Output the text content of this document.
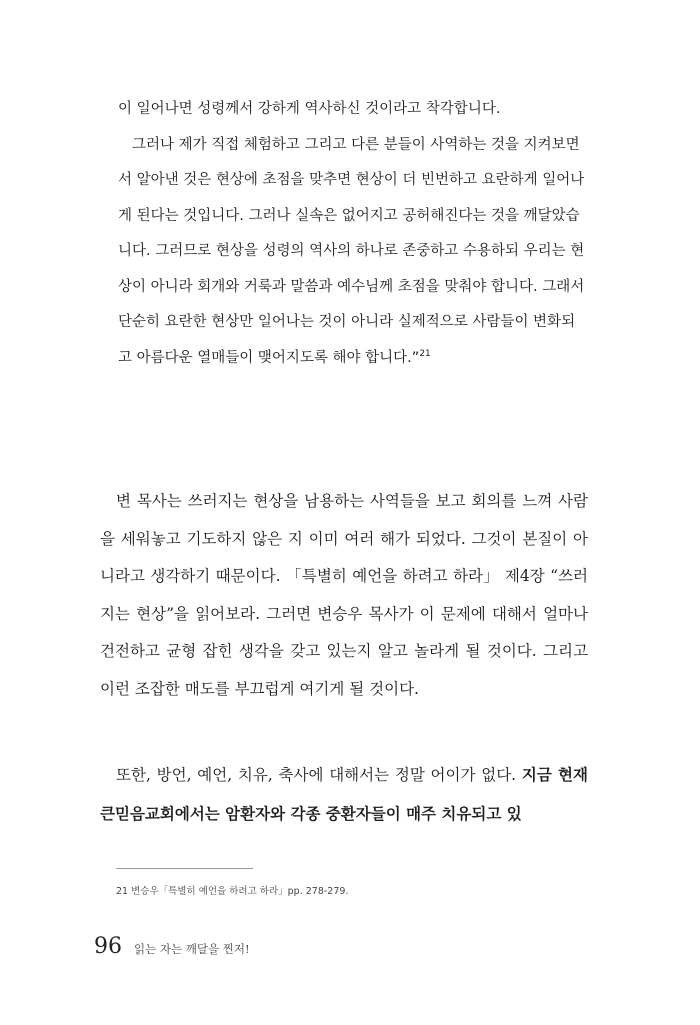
이 일어나면 성령께서 강하게 역사하신 것이라고 착각합니다.

그러나 제가 직접 체험하고 그리고 다른 분들이 사역하는 것을 지켜보면서 알아낸 것은 현상에 초점을 맞추면 현상이 더 빈번하고 요란하게 일어나게 된다는 것입니다. 그러나 실속은 없어지고 공허해진다는 것을 깨달았습니다. 그러므로 현상을 성령의 역사의 하나로 존중하고 수용하되 우리는 현상이 아니라 회개와 거룩과 말씀과 예수님께 초점을 맞춰야 합니다. 그래서 단순히 요란한 현상만 일어나는 것이 아니라 실제적으로 사람들이 변화되고 아름다운 열매들이 맺어지도록 해야 합니다.”$^{21}$

변 목사는 쓰러지는 현상을 남용하는 사역들을 보고 회의를 느껴 사람을 세워놓고 기도하지 않은 지 이미 여러 해가 되었다. 그것이 본질이 아니라고 생각하기 때문이다. 「특별히 예언을 하려고 하라」 제4장 “쓰러지는 현상”을 읽어보라. 그러면 변승우 목사가 이 문제에 대해서 얼마나 건전하고 균형 잡힌 생각을 갖고 있는지 알고 놀라게 될 것이다. 그리고 이런 조잡한 매도를 부끄럽게 여기게 될 것이다.

또한, 방언, 예언, 치유, 축사에 대해서는 정말 어이가 없다. 지금 현재 큰믿음교회에서는 암환자와 각종 중환자들이 매주 치유되고 있

21 변승우「특별히 예언을 하려고 하라」pp. 278-279.
96 읽는 자는 깨달을 찐저!
